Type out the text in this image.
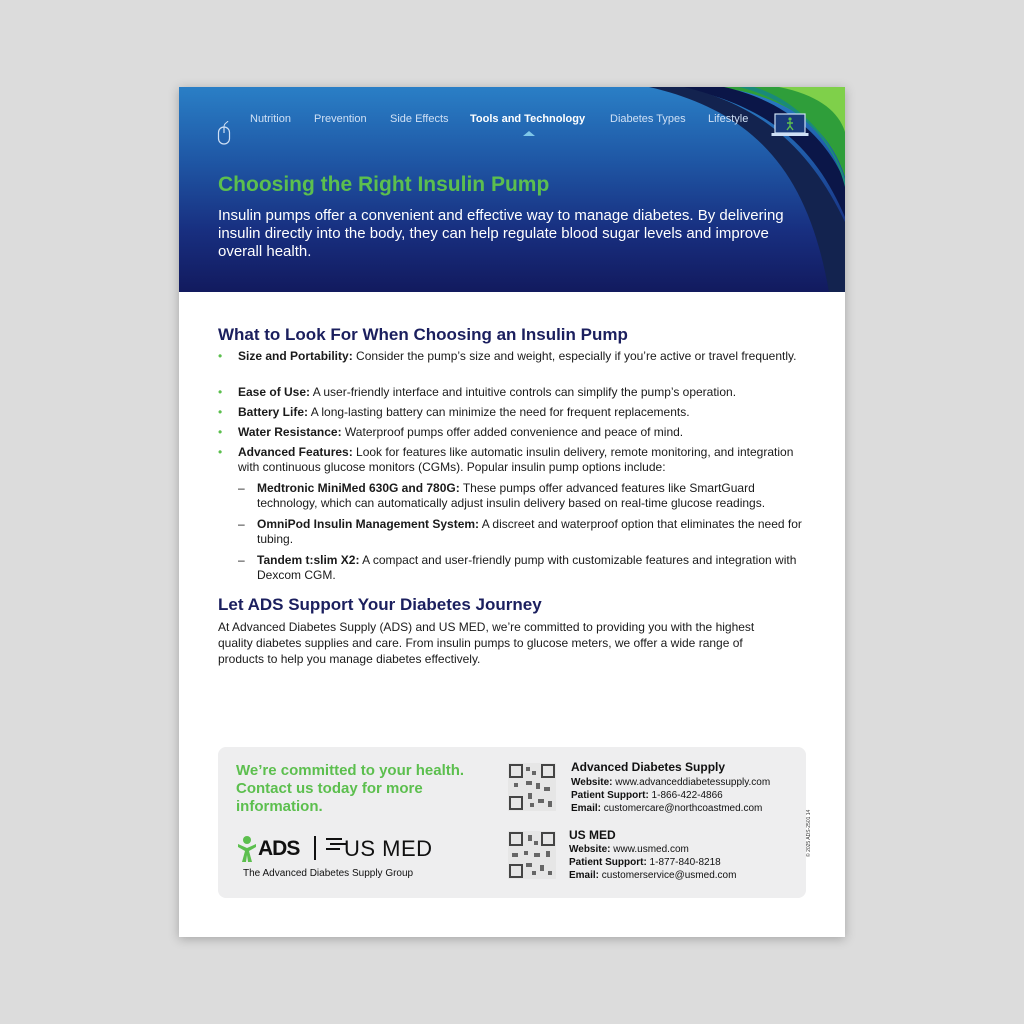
Nutrition Prevention Side Effects Tools and Technology Diabetes Types Lifestyle
Choosing the Right Insulin Pump
Insulin pumps offer a convenient and effective way to manage diabetes. By delivering insulin directly into the body, they can help regulate blood sugar levels and improve overall health.
What to Look For When Choosing an Insulin Pump
• Size and Portability: Consider the pump’s size and weight, especially if you’re active or travel frequently.
• Ease of Use: A user-friendly interface and intuitive controls can simplify the pump’s operation.
• Battery Life: A long-lasting battery can minimize the need for frequent replacements.
• Water Resistance: Waterproof pumps offer added convenience and peace of mind.
• Advanced Features: Look for features like automatic insulin delivery, remote monitoring, and integration with continuous glucose monitors (CGMs). Popular insulin pump options include:
– Medtronic MiniMed 630G and 780G: These pumps offer advanced features like SmartGuard technology, which can automatically adjust insulin delivery based on real-time glucose readings.
– OmniPod Insulin Management System: A discreet and waterproof option that eliminates the need for tubing.
– Tandem t:slim X2: A compact and user-friendly pump with customizable features and integration with Dexcom CGM.
Let ADS Support Your Diabetes Journey
At Advanced Diabetes Supply (ADS) and US MED, we’re committed to providing you with the highest quality diabetes supplies and care. From insulin pumps to glucose meters, we offer a wide range of products to help you manage diabetes effectively.
We’re committed to your health. Contact us today for more information.
ADS US MED
The Advanced Diabetes Supply Group
Advanced Diabetes Supply
Website: www.advanceddiabetessupply.com
Patient Support: 1-866-422-4866
Email: customercare@northcoastmed.com
US MED
Website: www.usmed.com
Patient Support: 1-877-840-8218
Email: customerservice@usmed.com
© 2025 ADS-2501 14
